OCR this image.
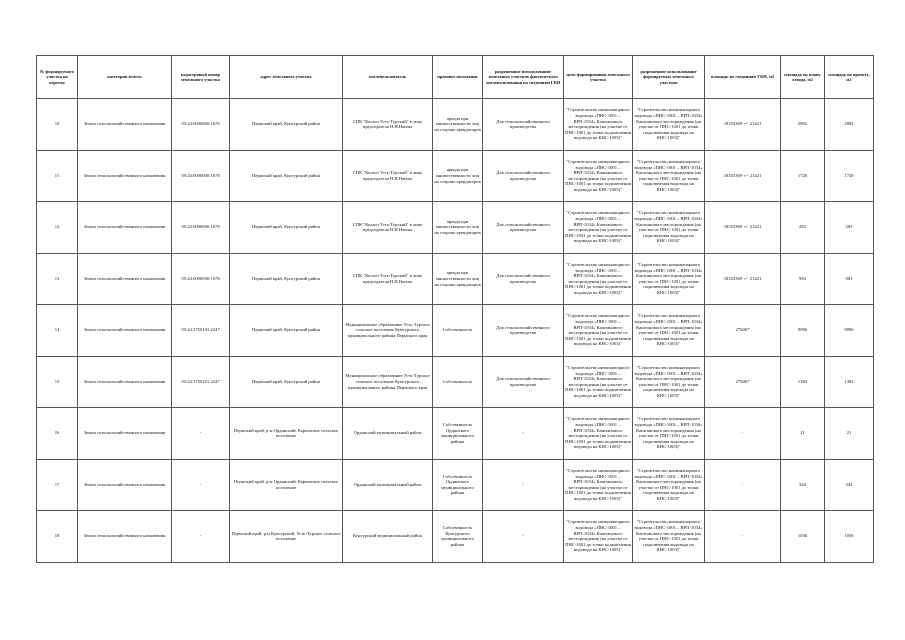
№ формируемого участка на чертеже	категория земель	кадастровый номер земельного участка	адрес земельного участка	землепользователь	правовое положение	разрешенное использование земельных участков фактического землепользования по сведениям ГКН	цель формирования земельного участка	разрешенное использование формируемых земельных участков	площадь по сведениям ГКН, м2	площадь по плану отвода, м2	площадь по проекту, м2

10	Земли сельскохозяйственного назначения	59:24:0000000:1678	Пермский край, Кунгурский район	СПК "Колхоз Усть-Турский" в лице председателя Н.Н.Наппы	аренда при множественности лиц на стороне арендаторов	Для сельскохозяйственного производства	"Строительство низконапорного водовода «ПНС-1001 – ВРП-1034» Каштанового месторождения (на участке от ПНС-1001 до точки подключения водовода на КНС-1003)"	"Строительство низконапорного водовода «ПНС-1001 – ВРП-1034» Каштанового месторождения (на участке от ПНС-1001 до точки подключения водовода на КНС-1003)"	18353369 +/- 21421	2892	2892

11	Земли сельскохозяйственного назначения	59:24:0000000:1678	Пермский край, Кунгурский район	СПК "Колхоз Усть-Турский" в лице председателя Н.Н.Наппы	аренда при множественности лиц на стороне арендаторов	Для сельскохозяйственного производства	"Строительство низконапорного водовода «ПНС-1001 – ВРП-1034» Каштанового месторождения (на участке от ПНС-1001 до точки подключения водовода на КНС-1003)"	"Строительство низконапорного водовода «ПНС-1001 – ВРП-1034» Каштанового месторождения (на участке от ПНС-1001 до точки подключения водовода на КНС-1003)"	18353369 +/- 21421	1726	1726

12	Земли сельскохозяйственного назначения	59:24:0000000:1678	Пермский край, Кунгурский район	СПК "Колхоз Усть-Турский" в лице председателя Н.Н.Наппы	аренда при множественности лиц на стороне арендаторов	Для сельскохозяйственного производства	"Строительство низконапорного водовода «ПНС-1001 – ВРП-1034» Каштанового месторождения (на участке от ПНС-1001 до точки подключения водовода на КНС-1003)"	"Строительство низконапорного водовода «ПНС-1001 – ВРП-1034» Каштанового месторождения (на участке от ПНС-1001 до точки подключения водовода на КНС-1003)"	18353369 +/- 21421	283	283

13	Земли сельскохозяйственного назначения	59:24:0000000:1678	Пермский край, Кунгурский район	СПК "Колхоз Усть-Турский" в лице председателя Н.Н.Наппы	аренда при множественности лиц на стороне арендаторов	Для сельскохозяйственного производства	"Строительство низконапорного водовода «ПНС-1001 – ВРП-1034» Каштанового месторождения (на участке от ПНС-1001 до точки подключения водовода на КНС-1003)"	"Строительство низконапорного водовода «ПНС-1001 – ВРП-1034» Каштанового месторождения (на участке от ПНС-1001 до точки подключения водовода на КНС-1003)"	18353369 +/- 21421	983	983

14	Земли сельскохозяйственного назначения	59:24:3750101:2247	Пермский край, Кунгурский район	Муниципальное образование Усть-Турское сельское поселение Кунгурского муниципального района Пермского края	Собственность	Для сельскохозяйственного производства	"Строительство низконапорного водовода «ПНС-1001 – ВРП-1034» Каштанового месторождения (на участке от ПНС-1001 до точки подключения водовода на КНС-1003)"	"Строительство низконапорного водовода «ПНС-1001 – ВРП-1034» Каштанового месторождения (на участке от ПНС-1001 до точки подключения водовода на КНС-1003)"	276067	9096	9096

15	Земли сельскохозяйственного назначения	59:24:3750101:2247	Пермский край, Кунгурский район	Муниципальное образование Усть-Турское сельское поселение Кунгурского муниципального района Пермского края	Собственность	Для сельскохозяйственного производства	"Строительство низконапорного водовода «ПНС-1001 – ВРП-1034» Каштанового месторождения (на участке от ПНС-1001 до точки подключения водовода на КНС-1003)"	"Строительство низконапорного водовода «ПНС-1001 – ВРП-1034» Каштанового месторождения (на участке от ПНС-1001 до точки подключения водовода на КНС-1003)"	276067	1384	1384

16	Земли сельскохозяйственного назначения	-	Пермский край, р-н Ординский, Карьевское сельское поселение	Ординский муниципальный район	Собственность Ординского муниципального района	-	"Строительство низконапорного водовода «ПНС-1001 – ВРП-1034» Каштанового месторождения (на участке от ПНС-1001 до точки подключения водовода на КНС-1003)"	"Строительство низконапорного водовода «ПНС-1001 – ВРП-1034» Каштанового месторождения (на участке от ПНС-1001 до точки подключения водовода на КНС-1003)"	-	21	21

17	Земли сельскохозяйственного назначения	-	Пермский край, р-н Ординский, Карьевское сельское поселение	Ординский муниципальный район	Собственность Ординского муниципального района	-	"Строительство низконапорного водовода «ПНС-1001 – ВРП-1034» Каштанового месторождения (на участке от ПНС-1001 до точки подключения водовода на КНС-1003)"	"Строительство низконапорного водовода «ПНС-1001 – ВРП-1034» Каштанового месторождения (на участке от ПНС-1001 до точки подключения водовода на КНС-1003)"	-	344	344

18	Земли сельскохозяйственного назначения	-	Пермский край, р-н Кунгурский, Усть-Турское сельское поселение	Кунгурский муниципальный район	Собственность Кунгурского муниципального района	-	"Строительство низконапорного водовода «ПНС-1001 – ВРП-1034» Каштанового месторождения (на участке от ПНС-1001 до точки подключения водовода на КНС-1003)"	"Строительство низконапорного водовода «ПНС-1001 – ВРП-1034» Каштанового месторождения (на участке от ПНС-1001 до точки подключения водовода на КНС-1003)"	-	1036	1036
